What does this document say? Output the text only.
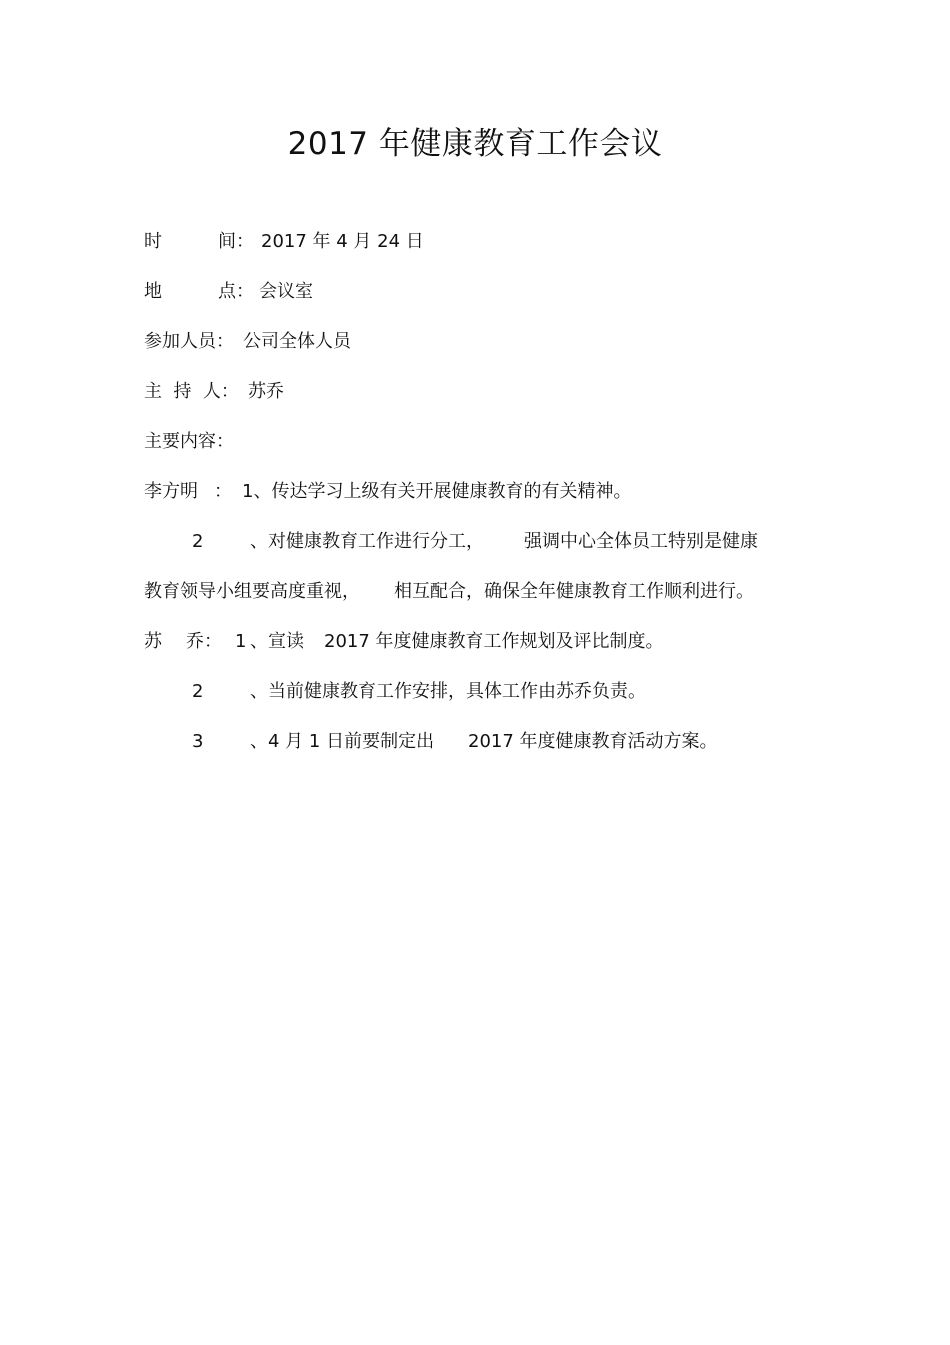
2017 年健康教育工作会议
时	间： 2017 年 4 月 24 日
地	点： 会议室
参加人员： 公司全体人员
主  持  人： 苏乔
主要内容：
李方明 ： 1、传达学习上级有关开展健康教育的有关精神。
2	、对健康教育工作进行分工， 强调中心全体员工特别是健康
教育领导小组要高度重视， 相互配合，确保全年健康教育工作顺利进行。
苏 乔： 1 、宣读 2017 年度健康教育工作规划及评比制度。
2	、当前健康教育工作安排，具体工作由苏乔负责。
3	、4 月 1 日前要制定出 2017 年度健康教育活动方案。
